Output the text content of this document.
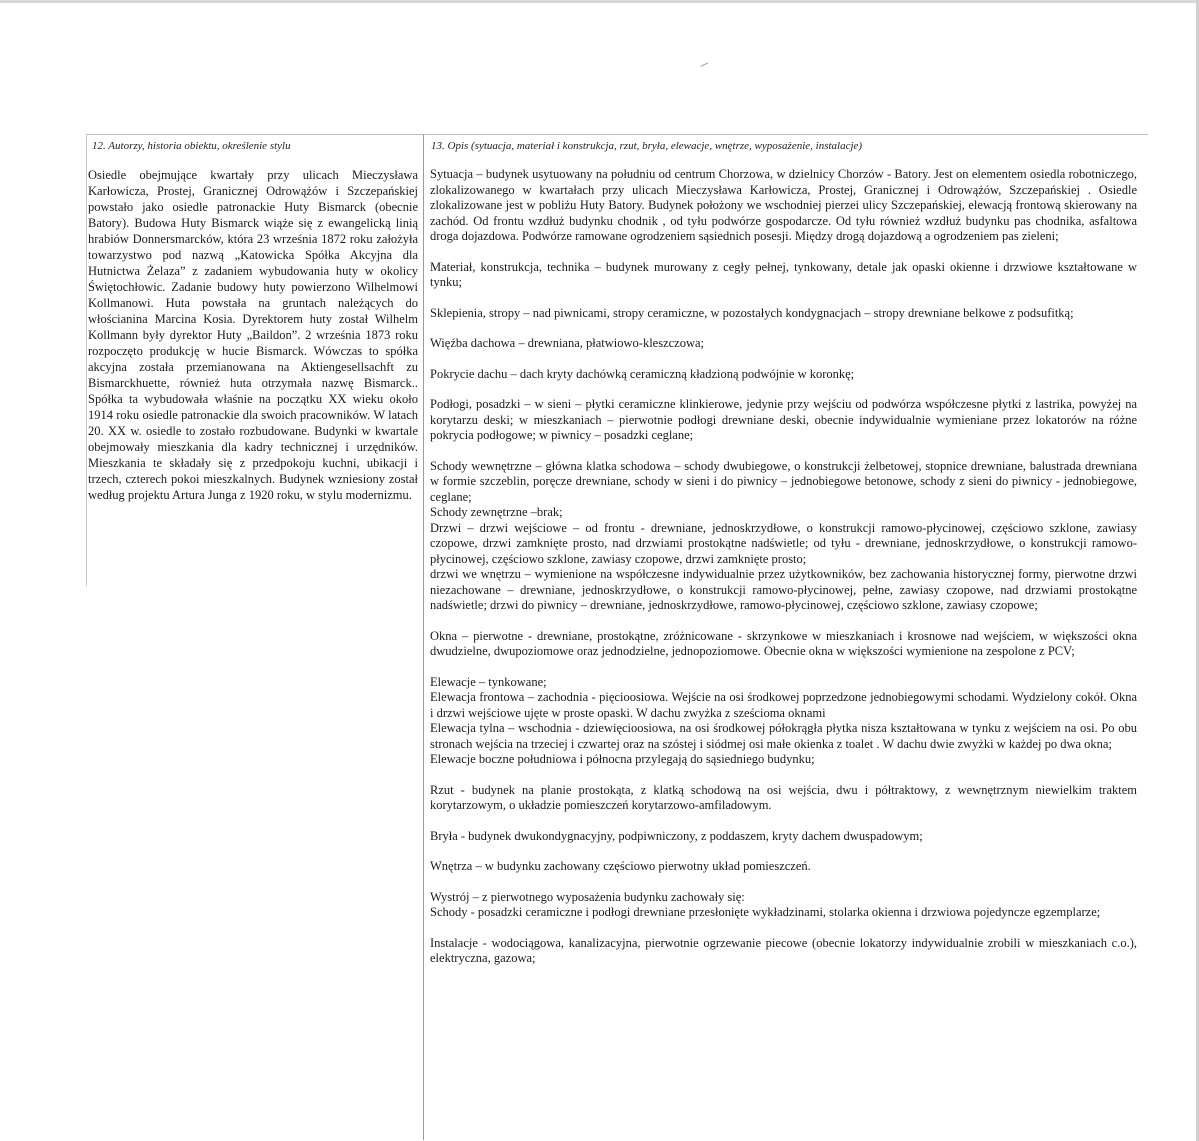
12. Autorzy, historia obiektu, określenie stylu	13. Opis (sytuacja, materiał i konstrukcja, rzut, bryła, elewacje, wnętrze, wyposażenie, instalacje)

Osiedle obejmujące kwartały przy ulicach Mieczysława Karłowicza, Prostej, Granicznej Odrowążów i Szczepańskiej powstało jako osiedle patronackie Huty Bismarck (obecnie Batory). Budowa Huty Bismarck wiąże się z ewangelicką linią hrabiów Donnersmarcków, która 23 września 1872 roku założyła towarzystwo pod nazwą „Katowicka Spółka Akcyjna dla Hutnictwa Żelaza” z zadaniem wybudowania huty w okolicy Świętochłowic. Zadanie budowy huty powierzono Wilhelmowi Kollmanowi. Huta powstała na gruntach należących do włościanina Marcina Kosia. Dyrektorem huty został Wilhelm Kollmann były dyrektor Huty „Baildon”. 2 września 1873 roku rozpoczęto produkcję w hucie Bismarck. Wówczas to spółka akcyjna została przemianowana na Aktiengesellsachft zu Bismarckhuette, również huta otrzymała nazwę Bismarck.. Spółka ta wybudowała właśnie na początku XX wieku około 1914 roku osiedle patronackie dla swoich pracowników. W latach 20. XX w. osiedle to zostało rozbudowane. Budynki w kwartale obejmowały mieszkania dla kadry technicznej i urzędników. Mieszkania te składały się z przedpokoju kuchni, ubikacji i trzech, czterech pokoi mieszkalnych. Budynek wzniesiony został według projektu Artura Junga z 1920 roku, w stylu modernizmu.

Sytuacja – budynek usytuowany na południu od centrum Chorzowa, w dzielnicy Chorzów - Batory. Jest on elementem osiedla robotniczego, zlokalizowanego w kwartałach przy ulicach Mieczysława Karłowicza, Prostej, Granicznej i Odrowążów, Szczepańskiej . Osiedle zlokalizowane jest w pobliżu Huty Batory. Budynek położony we wschodniej pierzei ulicy Szczepańskiej, elewacją frontową skierowany na zachód. Od frontu wzdłuż budynku chodnik , od tyłu podwórze gospodarcze. Od tyłu również wzdłuż budynku pas chodnika, asfaltowa droga dojazdowa. Podwórze ramowane ogrodzeniem sąsiednich posesji. Między drogą dojazdową a ogrodzeniem pas zieleni;

Materiał, konstrukcja, technika – budynek murowany z cegły pełnej, tynkowany, detale jak opaski okienne i drzwiowe kształtowane w tynku;

Sklepienia, stropy – nad piwnicami, stropy ceramiczne, w pozostałych kondygnacjach – stropy drewniane belkowe z podsufitką;

Więźba dachowa – drewniana, płatwiowo-kleszczowa;

Pokrycie dachu – dach kryty dachówką ceramiczną kładzioną podwójnie w koronkę;

Podłogi, posadzki – w sieni – płytki ceramiczne klinkierowe, jedynie przy wejściu od podwórza współczesne płytki z lastrika, powyżej na korytarzu deski; w mieszkaniach – pierwotnie podłogi drewniane deski, obecnie indywidualnie wymieniane przez lokatorów na różne pokrycia podłogowe; w piwnicy – posadzki ceglane;

Schody wewnętrzne – główna klatka schodowa – schody dwubiegowe, o konstrukcji żelbetowej, stopnice drewniane, balustrada drewniana w formie szczeblin, poręcze drewniane, schody w sieni i do piwnicy – jednobiegowe betonowe, schody z sieni do piwnicy - jednobiegowe, ceglane;

Schody zewnętrzne –brak;

Drzwi – drzwi wejściowe – od frontu - drewniane, jednoskrzydłowe, o konstrukcji ramowo-płycinowej, częściowo szklone, zawiasy czopowe, drzwi zamknięte prosto, nad drzwiami prostokątne nadświetle; od tyłu - drewniane, jednoskrzydłowe, o konstrukcji ramowo-płycinowej, częściowo szklone, zawiasy czopowe, drzwi zamknięte prosto;

drzwi we wnętrzu – wymienione na współczesne indywidualnie przez użytkowników, bez zachowania historycznej formy, pierwotne drzwi niezachowane – drewniane, jednoskrzydłowe, o konstrukcji ramowo-płycinowej, pełne, zawiasy czopowe, nad drzwiami prostokątne nadświetle; drzwi do piwnicy – drewniane, jednoskrzydłowe, ramowo-płycinowej, częściowo szklone, zawiasy czopowe;

Okna – pierwotne - drewniane, prostokątne, zróżnicowane - skrzynkowe w mieszkaniach i krosnowe nad wejściem, w większości okna dwudzielne, dwupoziomowe oraz jednodzielne, jednopoziomowe. Obecnie okna w większości wymienione na zespolone z PCV;

Elewacje – tynkowane;

Elewacja frontowa – zachodnia - pięcioosiowa. Wejście na osi środkowej poprzedzone jednobiegowymi schodami. Wydzielony cokół. Okna i drzwi wejściowe ujęte w proste opaski. W dachu zwyżka z sześcioma oknami

Elewacja tylna – wschodnia - dziewięcioosiowa, na osi środkowej półokrągła płytka nisza kształtowana w tynku z wejściem na osi. Po obu stronach wejścia na trzeciej i czwartej oraz na szóstej i siódmej osi małe okienka z toalet . W dachu dwie zwyżki w każdej po dwa okna;

Elewacje boczne południowa i północna przylegają do sąsiedniego budynku;

Rzut - budynek na planie prostokąta, z klatką schodową na osi wejścia, dwu i półtraktowy, z wewnętrznym niewielkim traktem korytarzowym, o układzie pomieszczeń korytarzowo-amfiladowym.

Bryła - budynek dwukondygnacyjny, podpiwniczony, z poddaszem, kryty dachem dwuspadowym;

Wnętrza – w budynku zachowany częściowo pierwotny układ pomieszczeń.

Wystrój – z pierwotnego wyposażenia budynku zachowały się:

Schody - posadzki ceramiczne i podłogi drewniane przesłonięte wykładzinami, stolarka okienna i drzwiowa pojedyncze egzemplarze;

Instalacje - wodociągowa, kanalizacyjna, pierwotnie ogrzewanie piecowe (obecnie lokatorzy indywidualnie zrobili w mieszkaniach c.o.), elektryczna, gazowa;
